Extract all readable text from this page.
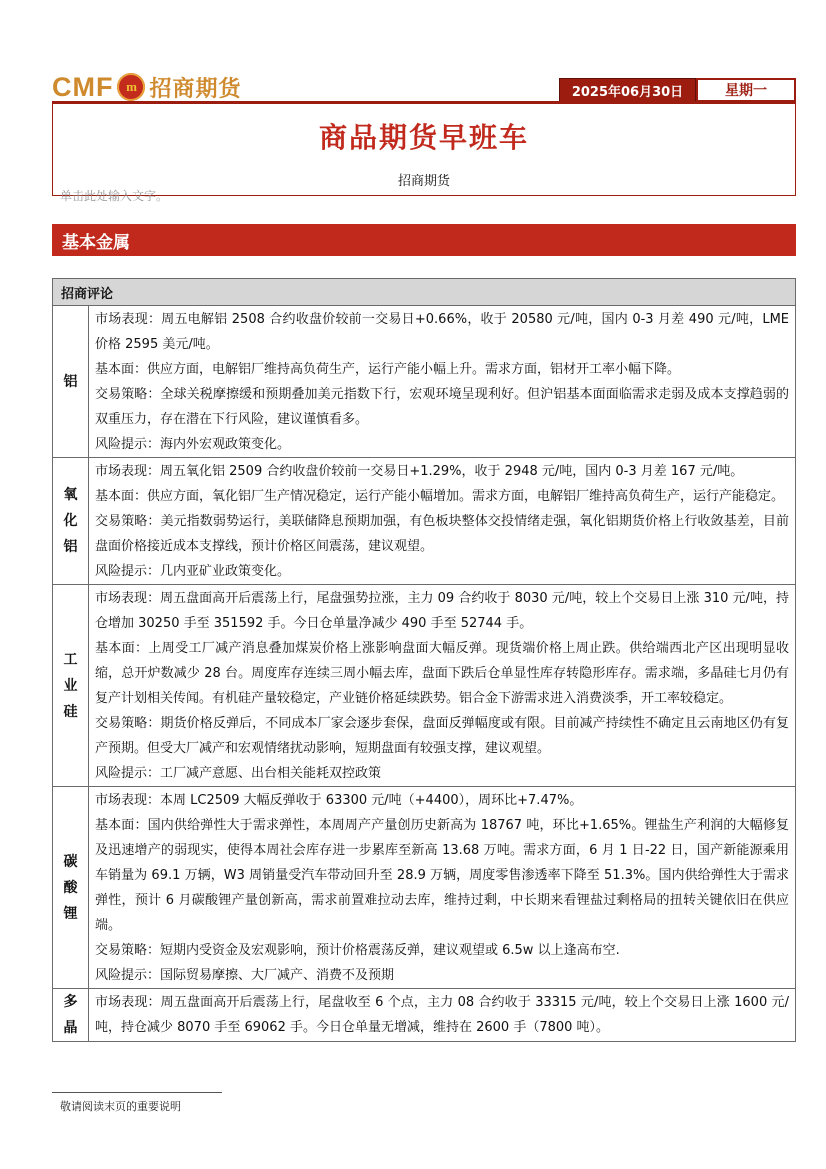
CMF m 招商期货	2025年06月30日	星期一
商品期货早班车
招商期货
单击此处输入文字。
基本金属
招商评论	
铝	市场表现：周五电解铝 2508 合约收盘价较前一交易日+0.66%，收于 20580 元/吨，国内 0-3 月差 490 元/吨，LME 价格 2595 美元/吨。

基本面：供应方面，电解铝厂维持高负荷生产，运行产能小幅上升。需求方面，铝材开工率小幅下降。

交易策略：全球关税摩擦缓和预期叠加美元指数下行，宏观环境呈现利好。但沪铝基本面面临需求走弱及成本支撑趋弱的双重压力，存在潜在下行风险，建议谨慎看多。

风险提示：海内外宏观政策变化。

氧化铝	市场表现：周五氧化铝 2509 合约收盘价较前一交易日+1.29%，收于 2948 元/吨，国内 0-3 月差 167 元/吨。

基本面：供应方面，氧化铝厂生产情况稳定，运行产能小幅增加。需求方面，电解铝厂维持高负荷生产，运行产能稳定。

交易策略：美元指数弱势运行，美联储降息预期加强，有色板块整体交投情绪走强，氧化铝期货价格上行收敛基差，目前盘面价格接近成本支撑线，预计价格区间震荡，建议观望。

风险提示：几内亚矿业政策变化。

工业硅	市场表现：周五盘面高开后震荡上行，尾盘强势拉涨，主力 09 合约收于 8030 元/吨，较上个交易日上涨 310 元/吨，持仓增加 30250 手至 351592 手。今日仓单量净减少 490 手至 52744 手。

基本面：上周受工厂减产消息叠加煤炭价格上涨影响盘面大幅反弹。现货端价格上周止跌。供给端西北产区出现明显收缩，总开炉数减少 28 台。周度库存连续三周小幅去库，盘面下跌后仓单显性库存转隐形库存。需求端，多晶硅七月仍有复产计划相关传闻。有机硅产量较稳定，产业链价格延续跌势。铝合金下游需求进入消费淡季，开工率较稳定。

交易策略：期货价格反弹后，不同成本厂家会逐步套保，盘面反弹幅度或有限。目前减产持续性不确定且云南地区仍有复产预期。但受大厂减产和宏观情绪扰动影响，短期盘面有较强支撑，建议观望。

风险提示：工厂减产意愿、出台相关能耗双控政策

碳酸锂	市场表现：本周 LC2509 大幅反弹收于 63300 元/吨（+4400），周环比+7.47%。

基本面：国内供给弹性大于需求弹性，本周周产产量创历史新高为 18767 吨，环比+1.65%。锂盐生产利润的大幅修复及迅速增产的弱现实，使得本周社会库存进一步累库至新高 13.68 万吨。需求方面，6 月 1 日-22 日，国产新能源乘用车销量为 69.1 万辆，W3 周销量受汽车带动回升至 28.9 万辆，周度零售渗透率下降至 51.3%。国内供给弹性大于需求弹性，预计 6 月碳酸锂产量创新高，需求前置难拉动去库，维持过剩，中长期来看锂盐过剩格局的扭转关键依旧在供应端。

交易策略：短期内受资金及宏观影响，预计价格震荡反弹，建议观望或 6.5w 以上逢高布空.

风险提示：国际贸易摩擦、大厂减产、消费不及预期

多晶	市场表现：周五盘面高开后震荡上行，尾盘收至 6 个点，主力 08 合约收于 33315 元/吨，较上个交易日上涨 1600 元/吨，持仓减少 8070 手至 69062 手。今日仓单量无增减，维持在 2600 手（7800 吨）。

敬请阅读末页的重要说明
